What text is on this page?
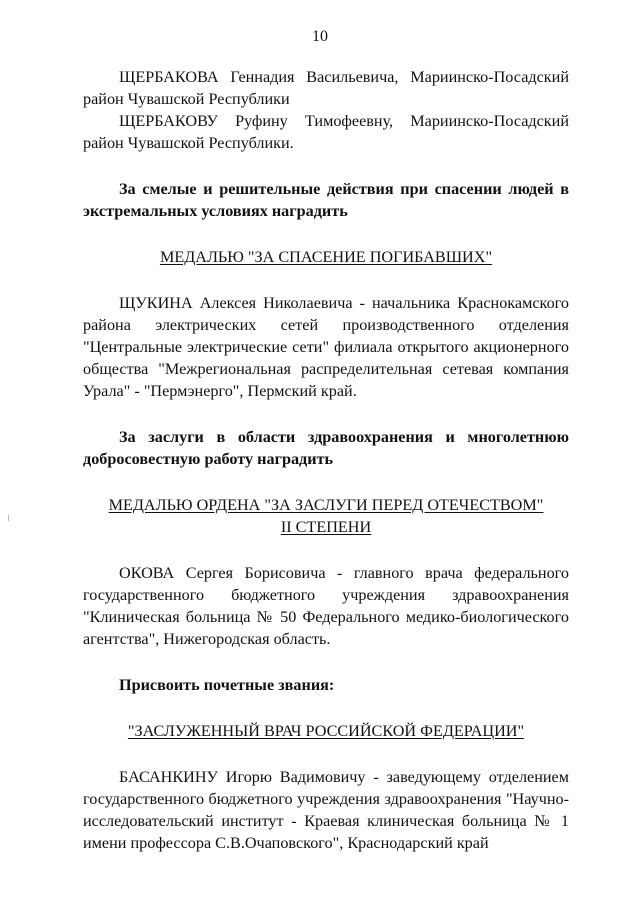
10

ЩЕРБАКОВА Геннадия Васильевича, Мариинско-Посадский район Чувашской Республики

ЩЕРБАКОВУ Руфину Тимофеевну, Мариинско-Посадский район Чувашской Республики.

За смелые и решительные действия при спасении людей в экстремальных условиях наградить

МЕДАЛЬЮ "ЗА СПАСЕНИЕ ПОГИБАВШИХ"

ЩУКИНА Алексея Николаевича - начальника Краснокамского района электрических сетей производственного отделения "Центральные электрические сети" филиала открытого акционерного общества "Межрегиональная распределительная сетевая компания Урала" - "Пермэнерго", Пермский край.

За заслуги в области здравоохранения и многолетнюю добросовестную работу наградить

МЕДАЛЬЮ ОРДЕНА "ЗА ЗАСЛУГИ ПЕРЕД ОТЕЧЕСТВОМ"

II СТЕПЕНИ

ОКОВА Сергея Борисовича - главного врача федерального государственного бюджетного учреждения здравоохранения "Клиническая больница № 50 Федерального медико-биологического агентства", Нижегородская область.

Присвоить почетные звания:

"ЗАСЛУЖЕННЫЙ ВРАЧ РОССИЙСКОЙ ФЕДЕРАЦИИ"

БАСАНКИНУ Игорю Вадимовичу - заведующему отделением государственного бюджетного учреждения здравоохранения "Научно-исследовательский институт - Краевая клиническая больница № 1 имени профессора С.В.Очаповского", Краснодарский край
